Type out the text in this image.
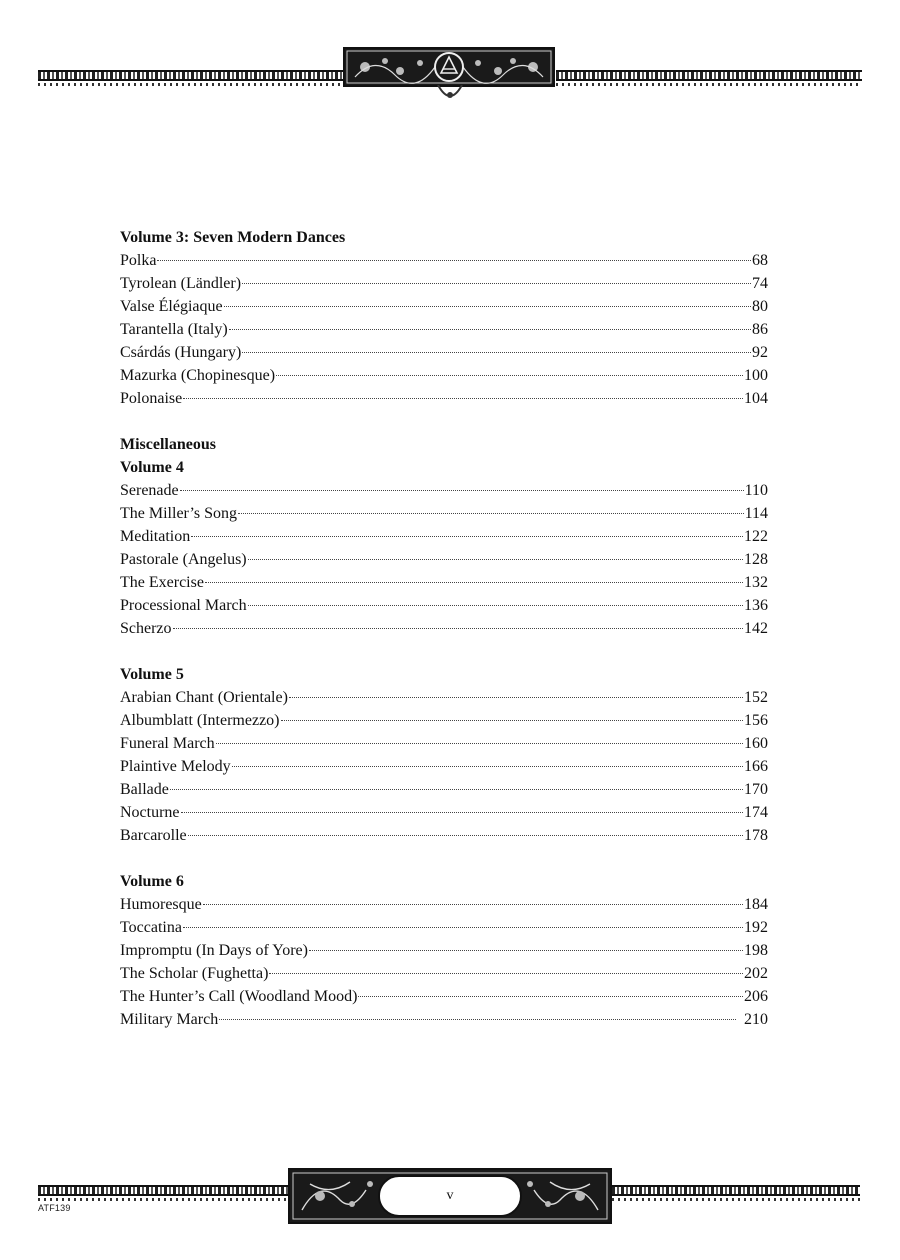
Volume 3: Seven Modern Dances
Polka	68
Tyrolean (Ländler)	74
Valse Élégiaque	80
Tarantella (Italy)	86
Csárdás (Hungary)	92
Mazurka (Chopinesque)	100
Polonaise	104
Miscellaneous
Volume 4
Serenade	110
The Miller’s Song	114
Meditation	122
Pastorale (Angelus)	128
The Exercise	132
Processional March	136
Scherzo	142
Volume 5
Arabian Chant (Orientale)	152
Albumblatt (Intermezzo)	156
Funeral March	160
Plaintive Melody	166
Ballade	170
Nocturne	174
Barcarolle	178
Volume 6
Humoresque	184
Toccatina	192
Impromptu (In Days of Yore)	198
The Scholar (Fughetta)	202
The Hunter’s Call (Woodland Mood)	206
Military March	210
v
ATF139
